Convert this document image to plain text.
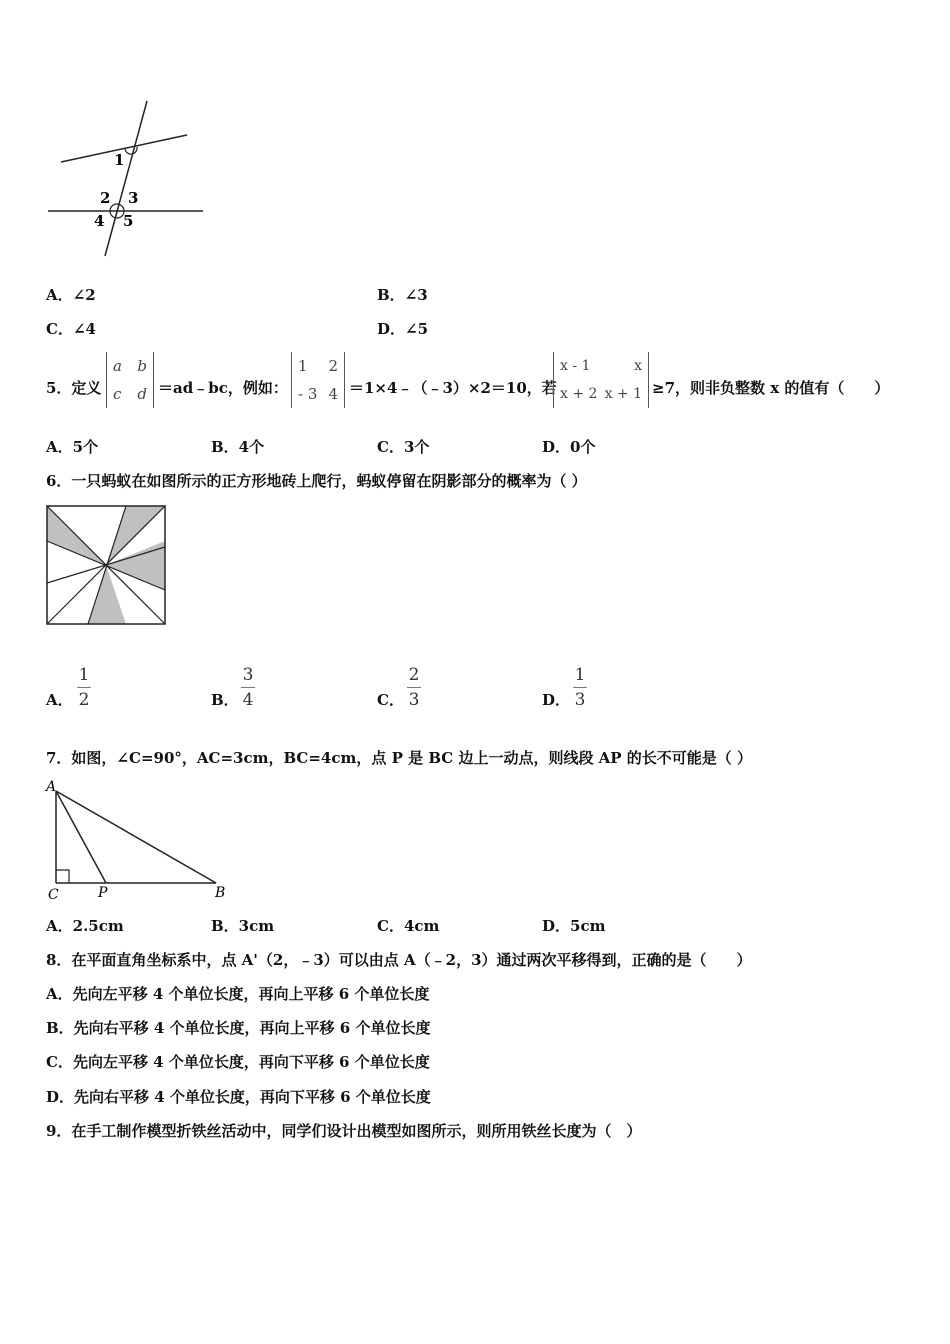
1
2 3
4 5
A．∠2	B．∠3
C．∠4	D．∠5
5．定义
a b
c d ＝ad﹣bc，例如：
1 2
- 3 4 ＝1×4﹣（﹣3）×2＝10，若
x - 1	x
x + 2 x + 1 ≥7，则非负整数 x 的值有（　　）
A．5个	B．4个	C．3个	D．0个
6．一只蚂蚁在如图所示的正方形地砖上爬行，蚂蚁停留在阴影部分的概率为（ ）
A．
1
2	B．
3
4	C．
2
3	D．
1
3
7．如图，∠C=90°，AC=3cm，BC=4cm，点 P 是 BC 边上一动点，则线段 AP 的长不可能是（ ）
A
C	P	B
A．2.5cm	B．3cm	C．4cm	D．5cm
8．在平面直角坐标系中，点 A'（2，﹣3）可以由点 A（﹣2，3）通过两次平移得到，正确的是（　　）
A．先向左平移 4 个单位长度，再向上平移 6 个单位长度
B．先向右平移 4 个单位长度，再向上平移 6 个单位长度
C．先向左平移 4 个单位长度，再向下平移 6 个单位长度
D．先向右平移 4 个单位长度，再向下平移 6 个单位长度
9．在手工制作模型折铁丝活动中，同学们设计出模型如图所示，则所用铁丝长度为（　）
